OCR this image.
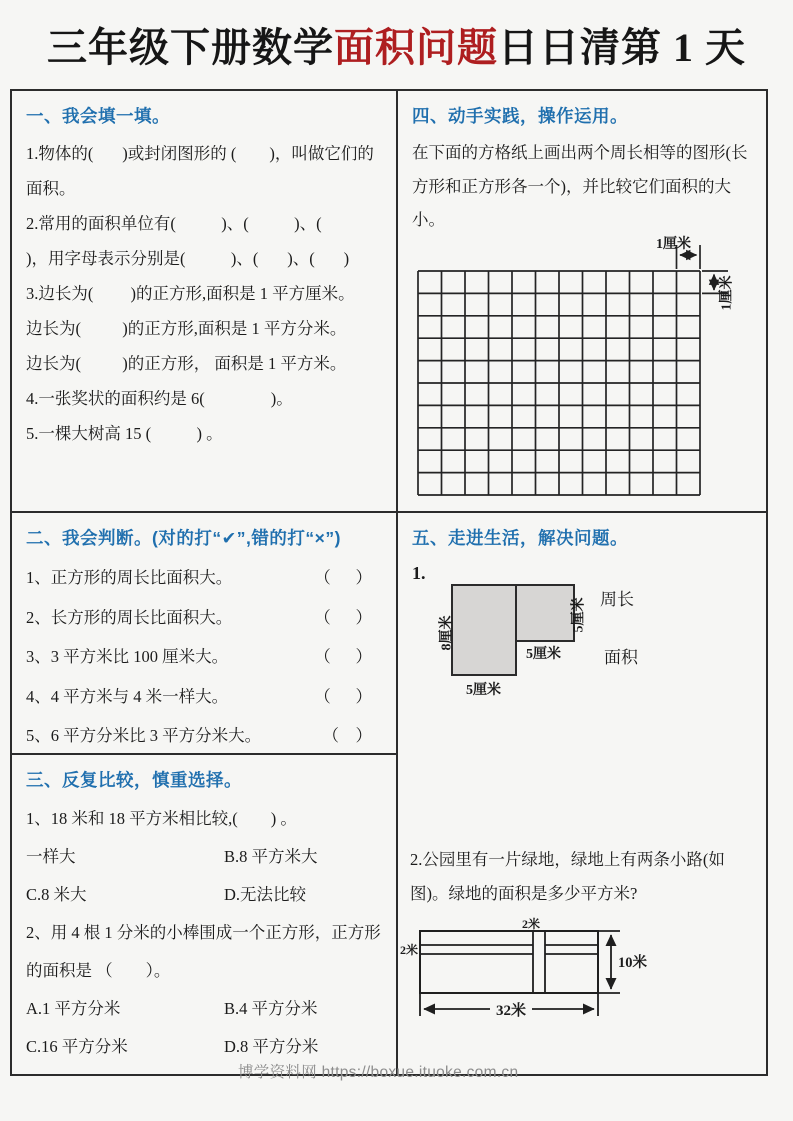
三年级下册数学面积问题日日清第 1 天
一、我会填一填。

1.物体的(       )或封闭图形的 (        )，叫做它们的面积。

2.常用的面积单位有(           )、(           )、(            )，用字母表示分别是(           )、(       )、(       )

3.边长为(         )的正方形,面积是 1 平方厘米。

边长为(          )的正方形,面积是 1 平方分米。

边长为(          )的正方形， 面积是 1 平方米。

4.一张奖状的面积约是 6(                )。

5.一棵大树高 15 (           ) 。

二、我会判断。(对的打“✔”,错的打“×”)
1、正方形的周长比面积大。	（      ）
2、长方形的周长比面积大。	（      ）
3、3 平方米比 100 厘米大。	（      ）
4、4 平方米与 4 米一样大。	（      ）
5、6 平方分米比 3 平方分米大。	（    ）
三、反复比较，慎重选择。

1、18 米和 18 平方米相比较,(        ) 。

一样大	B.8 平方米大
C.8 米大	D.无法比较

2、用 4 根 1 分米的小棒围成一个正方形，正方形的面积是 （        ）。

A.1 平方分米	B.4 平方分米
C.16 平方分米	D.8 平方分米
四、动手实践，操作运用。

在下面的方格纸上画出两个周长相等的图形(长方形和正方形各一个)，并比较它们面积的大小。

1厘米
1厘米
五、走进生活，解决问题。
1.
8厘米
5厘米
5厘米
5厘米
周长
面积

2.公园里有一片绿地，绿地上有两条小路(如图)。绿地的面积是多少平方米?

2米
2米
10米
32米
博学资料网 https://boxue.ituoke.com.cn
